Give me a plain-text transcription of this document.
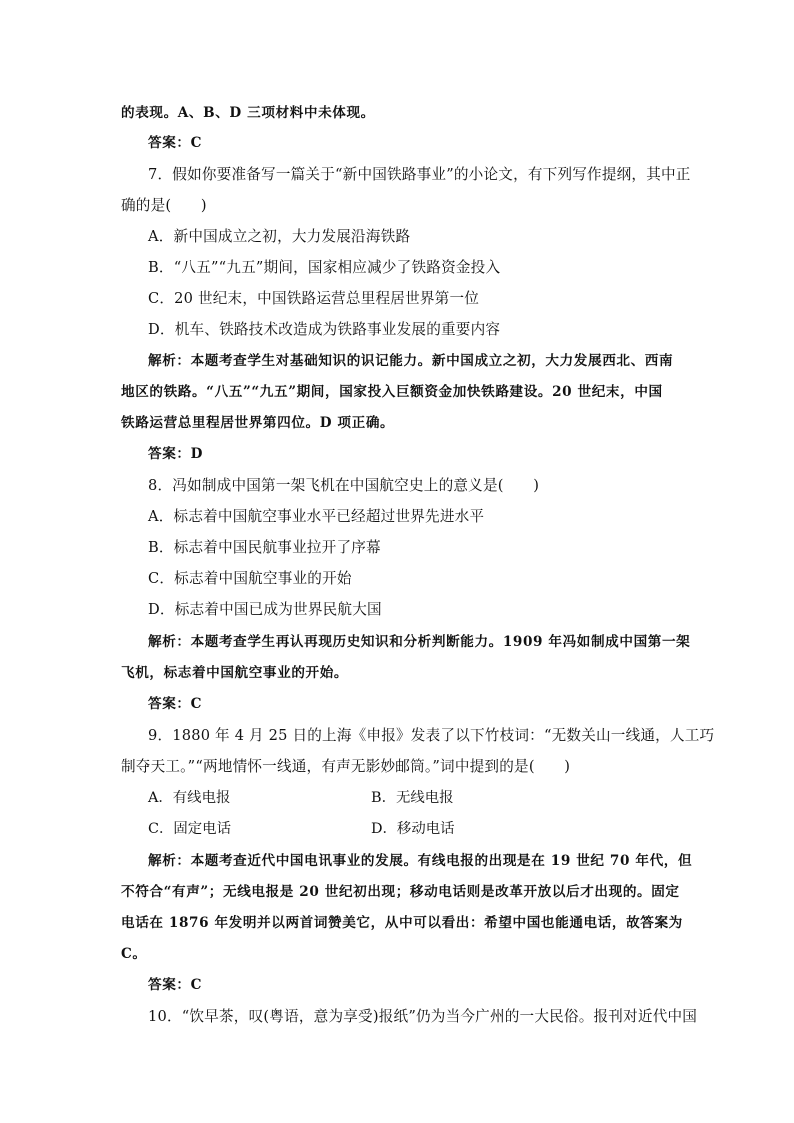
的表现。A、B、D 三项材料中未体现。
答案：C
7．假如你要准备写一篇关于“新中国铁路事业”的小论文，有下列写作提纲，其中正
确的是(　　)
A．新中国成立之初，大力发展沿海铁路
B．“八五”“九五”期间，国家相应减少了铁路资金投入
C．20 世纪末，中国铁路运营总里程居世界第一位
D．机车、铁路技术改造成为铁路事业发展的重要内容
解析：本题考查学生对基础知识的识记能力。新中国成立之初，大力发展西北、西南
地区的铁路。“八五”“九五”期间，国家投入巨额资金加快铁路建设。20 世纪末，中国
铁路运营总里程居世界第四位。D 项正确。
答案：D
8．冯如制成中国第一架飞机在中国航空史上的意义是(　　)
A．标志着中国航空事业水平已经超过世界先进水平
B．标志着中国民航事业拉开了序幕
C．标志着中国航空事业的开始
D．标志着中国已成为世界民航大国
解析：本题考查学生再认再现历史知识和分析判断能力。1909 年冯如制成中国第一架
飞机，标志着中国航空事业的开始。
答案：C
9．1880 年 4 月 25 日的上海《申报》发表了以下竹枝词：“无数关山一线通，人工巧
制夺天工。”“两地情怀一线通，有声无影妙邮筒。”词中提到的是(　　)
A．有线电报	B．无线电报
C．固定电话	D．移动电话
解析：本题考查近代中国电讯事业的发展。有线电报的出现是在 19 世纪 70 年代，但
不符合“有声”；无线电报是 20 世纪初出现；移动电话则是改革开放以后才出现的。固定
电话在 1876 年发明并以两首词赞美它，从中可以看出：希望中国也能通电话，故答案为
C。
答案：C
10．“饮早茶，叹(粤语，意为享受)报纸”仍为当今广州的一大民俗。报刊对近代中国
